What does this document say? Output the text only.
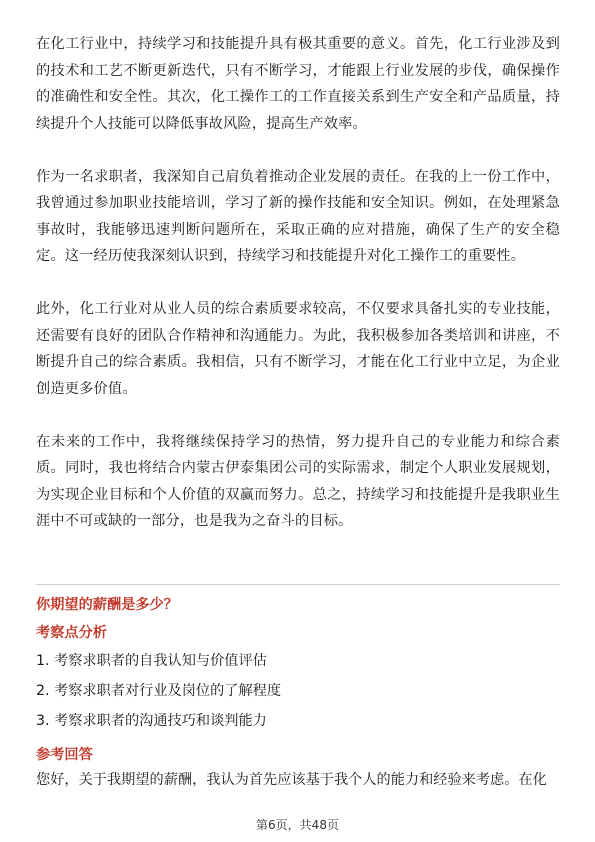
在化工行业中，持续学习和技能提升具有极其重要的意义。首先，化工行业涉及到的技术和工艺不断更新迭代，只有不断学习，才能跟上行业发展的步伐，确保操作的准确性和安全性。其次，化工操作工的工作直接关系到生产安全和产品质量，持续提升个人技能可以降低事故风险，提高生产效率。

作为一名求职者，我深知自己肩负着推动企业发展的责任。在我的上一份工作中，我曾通过参加职业技能培训，学习了新的操作技能和安全知识。例如，在处理紧急事故时，我能够迅速判断问题所在，采取正确的应对措施，确保了生产的安全稳定。这一经历使我深刻认识到，持续学习和技能提升对化工操作工的重要性。

此外，化工行业对从业人员的综合素质要求较高，不仅要求具备扎实的专业技能，还需要有良好的团队合作精神和沟通能力。为此，我积极参加各类培训和讲座，不断提升自己的综合素质。我相信，只有不断学习，才能在化工行业中立足，为企业创造更多价值。

在未来的工作中，我将继续保持学习的热情，努力提升自己的专业能力和综合素质。同时，我也将结合内蒙古伊泰集团公司的实际需求，制定个人职业发展规划，为实现企业目标和个人价值的双赢而努力。总之，持续学习和技能提升是我职业生涯中不可或缺的一部分，也是我为之奋斗的目标。

你期望的薪酬是多少？
考察点分析
1. 考察求职者的自我认知与价值评估
2. 考察求职者对行业及岗位的了解程度
3. 考察求职者的沟通技巧和谈判能力
参考回答

您好，关于我期望的薪酬，我认为首先应该基于我个人的能力和经验来考虑。在化

第6页，共48页
